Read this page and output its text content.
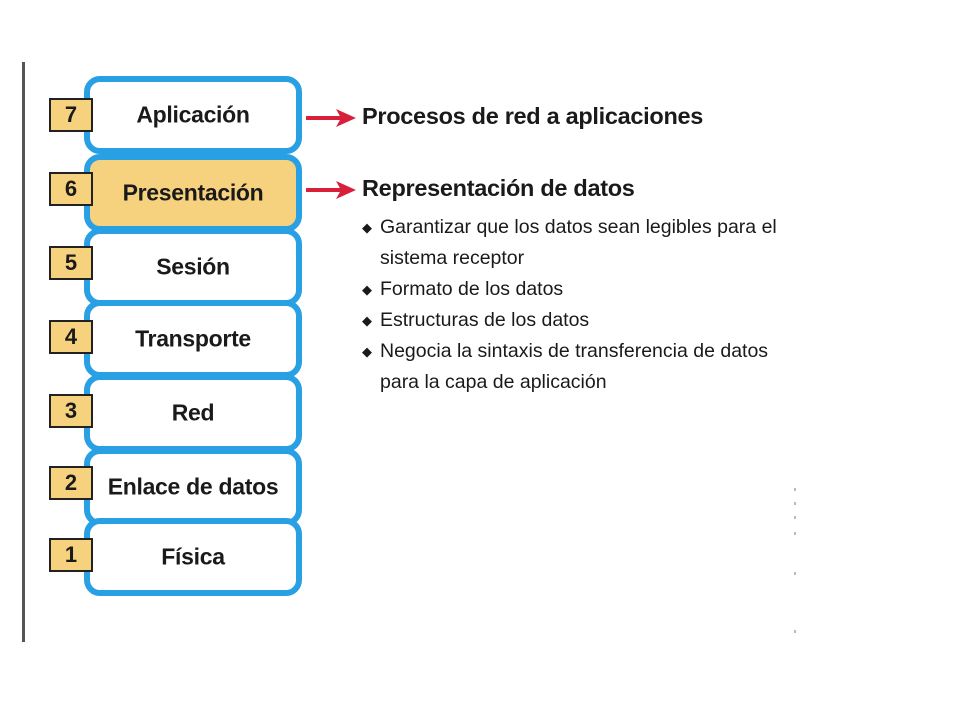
Aplicación
Presentación
Sesión
Transporte
Red
Enlace de datos
Física
7
6
5
4
3
2
1
Procesos de red a aplicaciones
Representación de datos
◆ Garantizar que los datos sean legibles para el sistema receptor
◆ Formato de los datos
◆ Estructuras de los datos
◆ Negocia la sintaxis de transferencia de datos para la capa de aplicación
